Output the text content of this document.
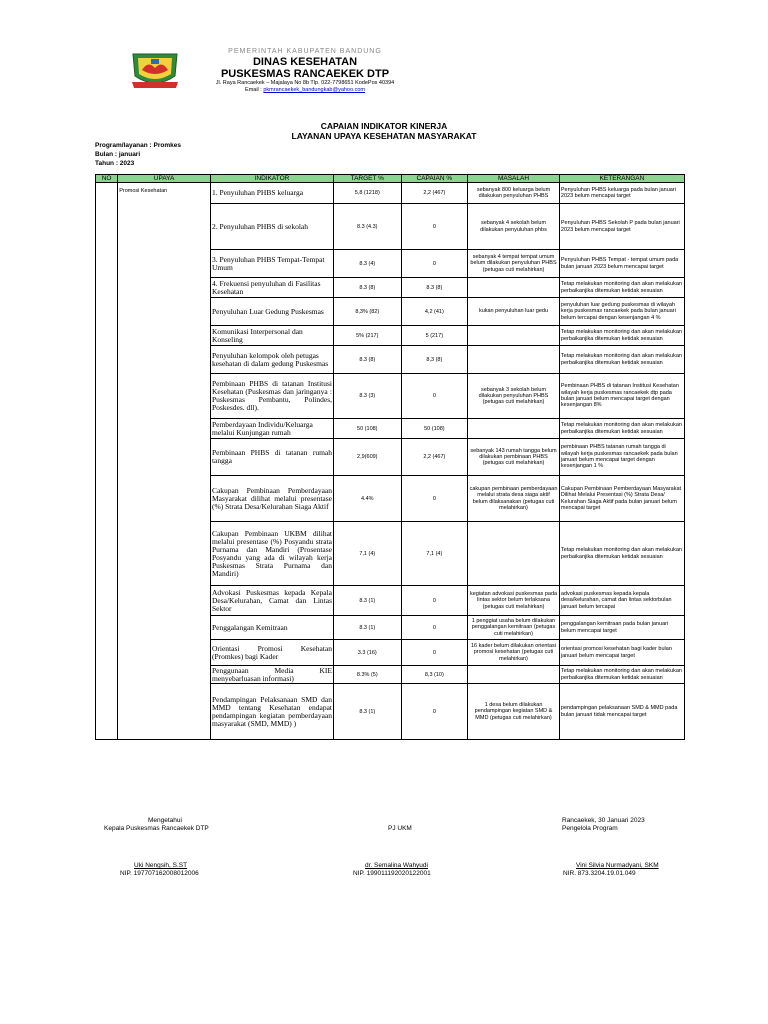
PEMERINTAH KABUPATEN BANDUNG
DINAS KESEHATAN
PUSKESMAS RANCAEKEK DTP
Jl. Raya Rancaekek – Majalaya No 8b Tlp. 022-7798651 KodePos 40394
Email : pkmrancaekek_bandungkab@yahoo.com
CAPAIAN INDIKATOR KINERJA
LAYANAN UPAYA KESEHATAN MASYARAKAT
Program/layanan : Promkes
Bulan : januari
Tahun : 2023
NO	UPAYA	INDIKATOR	TARGET %	CAPAIAN %	MASALAH	KETERANGAN
	Promosi Kesehatan	1. Penyuluhan PHBS keluarga	5,8 (1218)	2,2 (467)	sebanyak 800 keluarga belum dilakukan penyuluhan PHBS	Penyuluhan PHBS keluarga pada bulan januari 2023 belum mencapai target
		2. Penyuluhan PHBS di sekolah	8.3 (4.3)	0	sebanyak 4 sekolah belum dilakukan penyuluhan phbs	Penyuluhan PHBS Sekolah P pada bulan januari 2023 belum mencapai target
		3. Penyuluhan PHBS Tempat-Tempat Umum	8.3 (4)	0	sebanyak 4 tempat tempat umum belum dilakukan penyuluhan PHBS (petugas cuti melahirkan)	Penyuluhan PHBS Tempat - tempat umum pada bulan januari 2023 belum mencapai target
		4. Frekuensi penyuluhan di Fasilitas Kesehatan	8.3 (8)	8.3 (8)		Tetap melakukan monitoring dan akan melakukan perbaikanjika ditemukan ketidak sesuaian
		Penyuluhan Luar Gedung Puskesmas	8,3% (82)	4,2 (41)	kukan penyuluhan luar gedu	penyuluhan luar gedung puskesmas di wilayah kerja puskesmas rancaekek pada bulan januari belum tercapai dengan kesenjangan 4 %
		Komunikasi Interpersonal dan Konseling	5% (217)	5 (217)		Tetap melakukan monitoring dan akan melakukan perbaikanjika ditemukan ketidak sesuaian
		Penyuluhan kelompok oleh petugas kesehatan di dalam gedung Puskesmas	8.3 (8)	8,3 (8)		Tetap melakukan monitoring dan akan melakukan perbaikanjika ditemukan ketidak sesuaian
		Pembinaan PHBS di tatanan Institusi Kesehatan (Puskesmas dan jaringanya : Puskesmas Pembantu, Polindes, Poskesdes. dll).	8.3 (3)	0	sebanyak 3 sekolah belum dilakukan penyuluhan PHBS (petugas cuti melahirkan)	Pembinaan PHBS di tatanan Institusi Kesehatan wilayah kerja puskesmas rancaekek dtp pada bulan januari belum mencapai target dengan kesenjangan 8%
		Pemberdayaan Individu/Keluarga melalui Kunjungan rumah	50 (108)	50 (108)		Tetap melakukan monitoring dan akan melakukan perbaikanjika ditemukan ketidak sesuaian
		Pembinaan PHBS di tatanan rumah tangga	2,9(609)	2,2 (467)	sebanyak 143 rumah tangga belum dilakukan pembinaan PHBS (petugas cuti melahirkan)	pembinaan PHBS tatanan rumah tangga di wilayah kerja puskesmas rancaekek pada bulan januari belum mencapai target dengan kesenjangan 1 %
		Cakupan Pembinaan Pemberdayaan Masyarakat dilihat melalui presentase (%) Strata Desa/Kelurahan Siaga Aktif	4.4%	0	cakupan pembinaan pemberdayaan melalui strata desa siaga aktif belum dilaksanakan (petugas cuti melahirkan)	Cakupan Pembinaan Pemberdayaan Masyarakat Dilihat Melalui Presentasi (%) Strata Desa/ Kelurahan Siaga Aktif pada bulan januari belum mencapai target
		Cakupan Pembinaan UKBM dilihat melalui presentase (%) Posyandu strata Purnama dan Mandiri (Prosentase Posyandu yang ada di wilayah kerja Puskesmas Strata Purnama dan Mandiri)	7,1 (4)	7,1 (4)		Tetap melakukan monitoring dan akan melakukan perbaikanjika ditemukan ketidak sesuaian
		Advokasi Puskesmas kepada Kepala Desa/Kelurahan, Camat dan Lintas Sektor	8.3 (1)	0	kegiatan advokasi puskesmas pada lintas sektor belum terlaksana (petugas cuti melahirkan)	advokasi puskesmas kepada kepala desa/kelurahan, camat dan lintas sektorbulan januari belum tercapai
		Penggalangan Kemitraan	8.3 (1)	0	1 penggiat usaha belum dilakukan penggalangan kemitraan (petugas cuti melahirkan)	penggalangan kemitraan pada bulan januari belum mencapai target
		Orientasi Promosi Kesehatan (Promkes) bagi Kader	3.3 (16)	0	16 kader belum dilakukan orientasi promosi kesehatan (petugas cuti melahirkan)	orientasi promosi kesehatan bagi kader bulan januari belum mencapai target
		Penggunaan Media KIE menyebarluasan informasi)	8.3% (5)	8,3 (10)		Tetap melakukan monitoring dan akan melakukan perbaikanjika ditemukan ketidak sesuaian
		Pendampingan Pelaksanaan SMD dan MMD tentang Kesehatan endapat pendampingan kegiatan pemberdayaan masyarakat (SMD, MMD) )	8.3 (1)	0	1 desa belum dilakukan pendampingan kegiatan SMD & MMD (petugas cuti melahirkan)	pendampingan pelaksanaan SMD & MMD pada bulan januari tidak mencapai target
Mengetahui
Kepala Puskesmas Rancaekek DTP
Uki Nengsih, S.ST
NIP. 197707162008012006
PJ UKM
dr. Semalina Wahyudi
NIP. 199011192020122001
Rancaekek, 30 Januari 2023
Pengelola Program
Vini Silvia Nurmadyani, SKM
NIR. 873.3204.19.01.049
